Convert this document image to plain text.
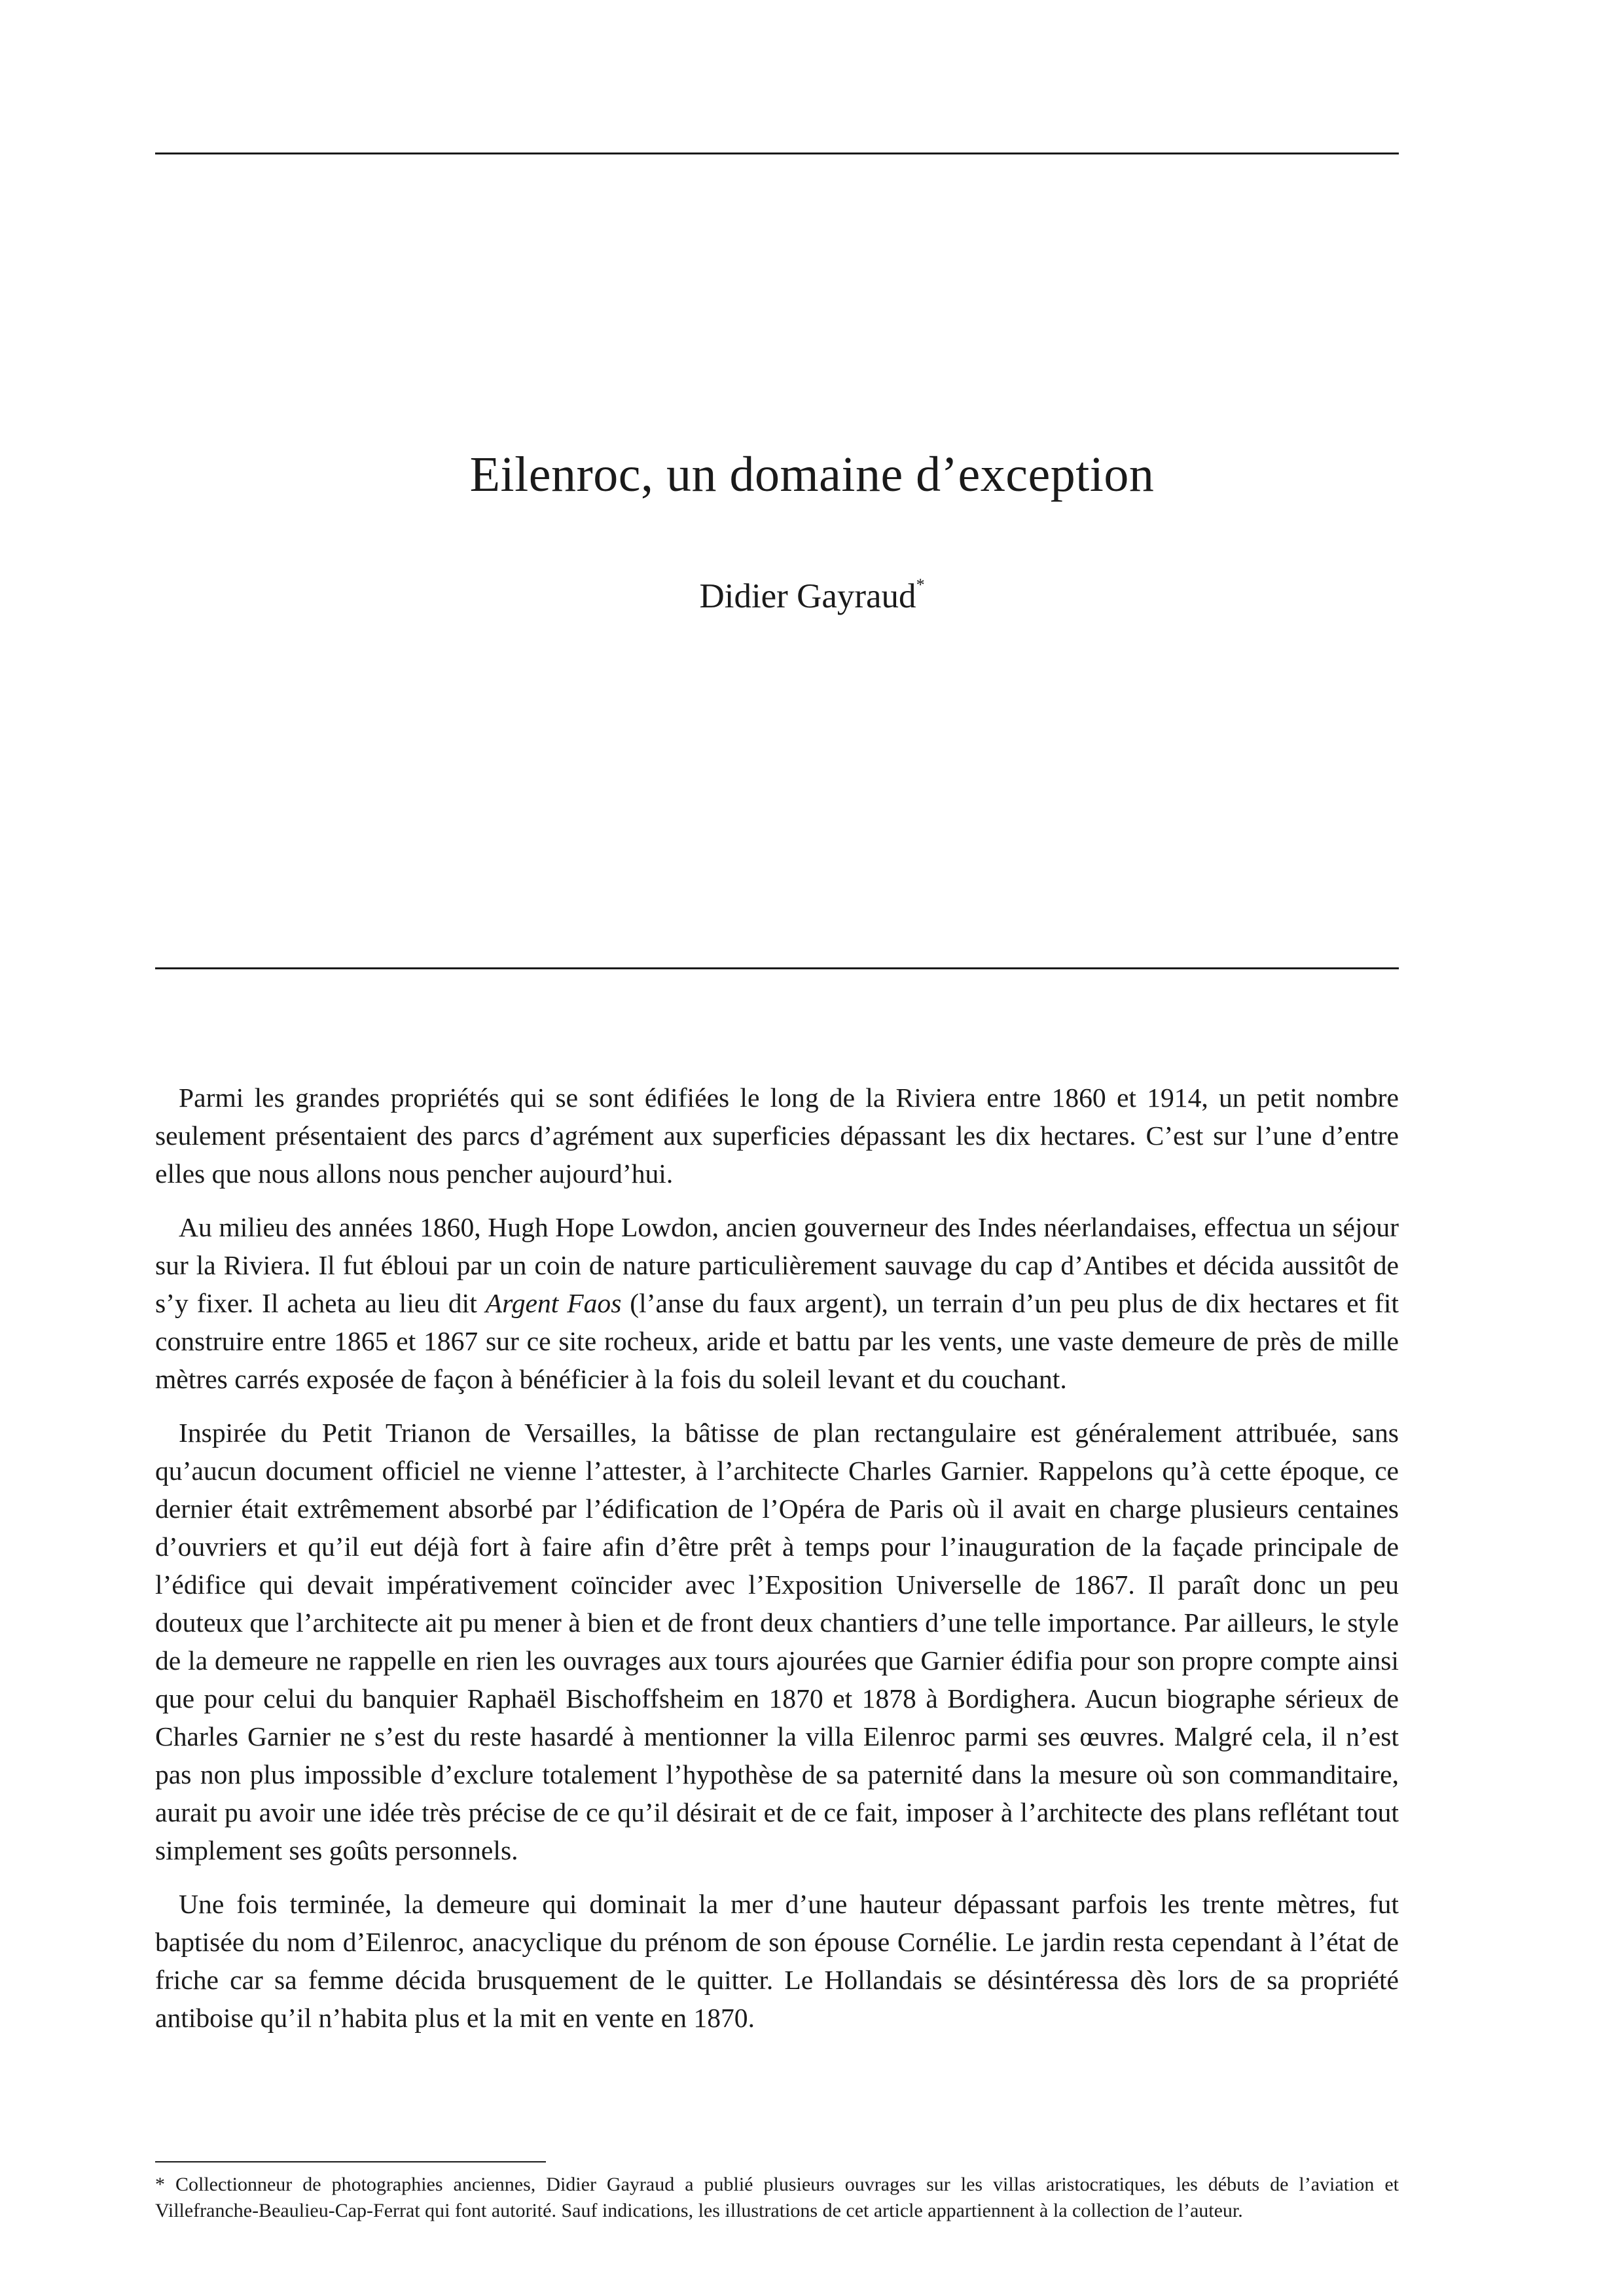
Eilenroc, un domaine d’exception
Didier Gayraud*

Parmi les grandes propriétés qui se sont édifiées le long de la Riviera entre 1860 et 1914, un petit nombre seulement présentaient des parcs d’agrément aux superficies dépassant les dix hectares. C’est sur l’une d’entre elles que nous allons nous pencher aujourd’hui.

Au milieu des années 1860, Hugh Hope Lowdon, ancien gouverneur des Indes néerlandaises, effectua un séjour sur la Riviera. Il fut ébloui par un coin de nature particulièrement sauvage du cap d’Antibes et décida aussitôt de s’y fixer. Il acheta au lieu dit Argent Faos (l’anse du faux argent), un terrain d’un peu plus de dix hectares et fit construire entre 1865 et 1867 sur ce site rocheux, aride et battu par les vents, une vaste demeure de près de mille mètres carrés exposée de façon à bénéficier à la fois du soleil levant et du couchant.

Inspirée du Petit Trianon de Versailles, la bâtisse de plan rectangulaire est généralement attribuée, sans qu’aucun document officiel ne vienne l’attester, à l’architecte Charles Garnier. Rappelons qu’à cette époque, ce dernier était extrêmement absorbé par l’édification de l’Opéra de Paris où il avait en charge plusieurs centaines d’ouvriers et qu’il eut déjà fort à faire afin d’être prêt à temps pour l’inauguration de la façade principale de l’édifice qui devait impérativement coïncider avec l’Exposition Universelle de 1867. Il paraît donc un peu douteux que l’architecte ait pu mener à bien et de front deux chantiers d’une telle importance. Par ailleurs, le style de la demeure ne rappelle en rien les ouvrages aux tours ajourées que Garnier édifia pour son propre compte ainsi que pour celui du banquier Raphaël Bischoffsheim en 1870 et 1878 à Bordighera. Aucun biographe sérieux de Charles Garnier ne s’est du reste hasardé à mentionner la villa Eilenroc parmi ses œuvres. Malgré cela, il n’est pas non plus impossible d’exclure totalement l’hypothèse de sa paternité dans la mesure où son commanditaire, aurait pu avoir une idée très précise de ce qu’il désirait et de ce fait, imposer à l’architecte des plans reflétant tout simplement ses goûts personnels.

Une fois terminée, la demeure qui dominait la mer d’une hauteur dépassant parfois les trente mètres, fut baptisée du nom d’Eilenroc, anacyclique du prénom de son épouse Cornélie. Le jardin resta cependant à l’état de friche car sa femme décida brusquement de le quitter. Le Hollandais se désintéressa dès lors de sa propriété antiboise qu’il n’habita plus et la mit en vente en 1870.

* Collectionneur de photographies anciennes, Didier Gayraud a publié plusieurs ouvrages sur les villas aristocratiques, les débuts de l’aviation et Villefranche-Beaulieu-Cap-Ferrat qui font autorité. Sauf indications, les illustrations de cet article appartiennent à la collection de l’auteur.
